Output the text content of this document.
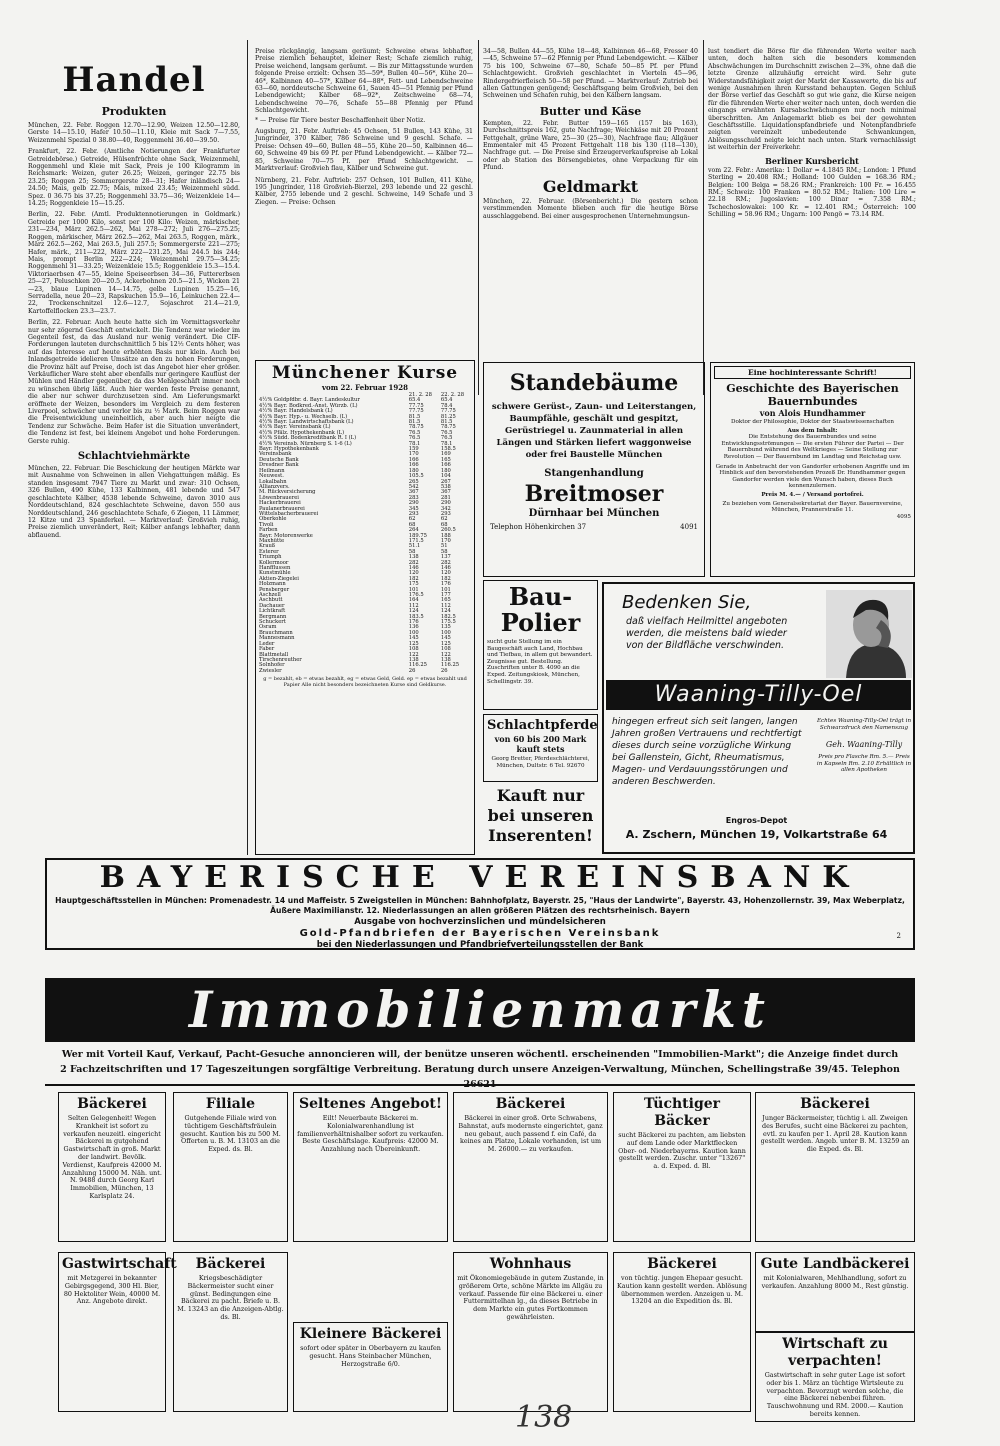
Handel
Produkten
München, 22. Febr. Roggen 12.70—12.90, Weizen 12.50—12.80, Gerste 14—15.10, Hafer 10.50—11.10, Kleie mit Sack 7—7.55, Weizenmehl Spezial 0 38.80—40, Roggenmehl 36.40—39.50.
Frankfurt, 22. Febr. (Amtliche Notierungen der Frankfurter Getreidebörse.) Getreide, Hülsenfrüchte ohne Sack, Weizenmehl, Roggenmehl und Kleie mit Sack, Preis je 100 Kilogramm in Reichsmark: Weizen, guter 26.25; Weizen, geringer 22.75 bis 23.25; Roggen 25; Sommergerste 28—31; Hafer inländisch 24—24.50; Mais, gelb 22.75; Mais, mixed 23.45; Weizenmehl südd. Spez. 0 36.75 bis 37.25; Roggenmehl 33.75—36; Weizenkleie 14—14.25; Roggenkleie 15—15.25.
Berlin, 22. Febr. (Amtl. Produktennotierungen in Goldmark.) Getreide per 1000 Kilo, sonst per 100 Kilo: Weizen, märkischer, 231—234, März 262.5—262, Mai 278—272; Juli 276—275.25; Roggen, märkischer, März 262.5—262, Mai 263.5, Roggen, märk., März 262.5—262, Mai 263.5, Juli 257.5; Sommergerste 221—275; Hafer, märk., 211—222, März 222—231.25, Mai 244.5 bis 244; Mais, prompt Berlin 222—224; Weizenmehl 29.75—34.25; Roggenmehl 31—33.25; Weizenkleie 15.5; Roggenkleie 15.3—15.4. Viktoriaerbsen 47—55, kleine Speiseerbsen 34—36, Futtererbsen 25—27, Peluschken 20—20.5, Ackerbohnen 20.5—21.5, Wicken 21—23, blaue Lupinen 14—14.75, gelbe Lupinen 15.25—16, Serradella, neue 20—23, Rapskuchen 15.9—16, Leinkuchen 22.4—22, Trockenschnitzel 12.6—12.7, Sojaschrot 21.4—21.9, Kartoffelflocken 23.3—23.7.
Berlin, 22. Februar. Auch heute hatte sich im Vormittagsverkehr nur sehr zögernd Geschäft entwickelt. Die Tendenz war wieder im Gegenteil fest, da das Ausland nur wenig verändert. Die CIF-Forderungen lauteten durchschnittlich 5 bis 12½ Cents höher, was auf das Interesse auf heute erhöhten Basis nur klein. Auch bei Inlandsgetreide idelieren Umsätze an den zu hohen Forderungen, die Provinz hält auf Preise, doch ist das Angebot hier eher größer. Verkäuflicher Ware steht aber ebenfalls nur geringere Kauflust der Mühlen und Händler gegenüber, da das Mehlgeschäft immer noch zu wünschen übrig läßt. Auch hier werden feste Preise genannt, die aber nur schwer durchzusetzen sind. Am Lieferungsmarkt eröffnete der Weizen, besonders im Vergleich zu dem festeren Liverpool, schwächer und verlor bis zu ½ Mark. Beim Roggen war die Preisentwicklung uneinheitlich, aber auch hier neigte die Tendenz zur Schwäche. Beim Hafer ist die Situation unverändert, die Tendenz ist fest, bei kleinem Angebot und hohe Forderungen. Gerste ruhig.
Schlachtviehmärkte
München, 22. Februar. Die Beschickung der heutigen Märkte war mit Ausnahme von Schweinen in allen Viehgattungen mäßig. Es standen insgesamt 7947 Tiere zu Markt und zwar: 310 Ochsen, 326 Bullen, 490 Kühe, 133 Kalbinnen, 481 lebende und 547 geschlachtete Kälber, 4538 lebende Schweine, davon 3010 aus Norddeutschland, 824 geschlachtete Schweine, davon 550 aus Norddeutschland, 246 geschlachtete Schafe, 6 Ziegen, 11 Lämmer, 12 Kitze und 23 Spanferkel. — Marktverlauf: Großvieh ruhig, Preise ziemlich unverändert, Reit; Kälber anfangs lebhafter, dann abflauend.
Preise rückgängig, langsam geräumt; Schweine etwas lebhafter, Preise ziemlich behauptet, kleiner Rest; Schafe ziemlich ruhig, Preise weichend, langsam geräumt. — Bis zur Mittagsstunde wurden folgende Preise erzielt: Ochsen 35—59*, Bullen 40—56*, Kühe 20—46*, Kalbinnen 40—57*, Kälber 64—88*, Fett- und Lebendschweine 63—60, norddeutsche Schweine 61, Sauen 45—51 Pfennig per Pfund Lebendgewicht; Kälber 68—92*, Zeitschweine 68—74, Lebendschweine 70—76, Schafe 55—88 Pfennig per Pfund Schlachtgewicht.
* — Preise für Tiere bester Beschaffenheit über Notiz.
Augsburg, 21. Febr. Auftrieb: 45 Ochsen, 51 Bullen, 143 Kühe, 31 Jungrinder, 370 Kälber, 786 Schweine und 9 geschl. Schafe. — Preise: Ochsen 49—60, Bullen 48—55, Kühe 20—50, Kalbinnen 46—60, Schweine 49 bis 69 Pf. per Pfund Lebendgewicht. — Kälber 72—85, Schweine 70—75 Pf. per Pfund Schlachtgewicht. — Marktverlauf: Großvieh flau, Kälber und Schweine gut.
Nürnberg, 21. Febr. Auftrieb: 257 Ochsen, 101 Bullen, 411 Kühe, 195 Jungrinder, 118 Großvieh-Bierzel, 293 lebende und 22 geschl. Kälber, 2755 lebende und 2 geschl. Schweine, 149 Schafe und 3 Ziegen. — Preise: Ochsen
34—58, Bullen 44—55, Kühe 18—48, Kalbinnen 46—68, Fresser 40—45, Schweine 57—62 Pfennig per Pfund Lebendgewicht. — Kälber 75 bis 100, Schweine 67—80, Schafe 50—85 Pf. per Pfund Schlachtgewicht. Großvieh geschlachtet in Vierteln 45—96, Rindergefrierfleisch 50—58 per Pfund. — Marktverlauf: Zutrieb bei allen Gattungen genügend; Geschäftsgang beim Großvieh, bei den Schweinen und Schafen ruhig, bei den Kälbern langsam.
Butter und Käse
Kempten, 22. Febr. Butter 159—165 (157 bis 163), Durchschnittspreis 162, gute Nachfrage; Weichkäse mit 20 Prozent Fettgehalt, grüne Ware, 25—30 (25—30), Nachfrage flau; Allgäuer Emmentaler mit 45 Prozent Fettgehalt 118 bis 130 (118—130), Nachfrage gut. — Die Preise sind Erzeugerverkaufspreise ab Lokal oder ab Station des Börsengebietes, ohne Verpackung für ein Pfund.
Geldmarkt
München, 22. Februar. (Börsenbericht.) Die gestern schon verstimmenden Momente blieben auch für die heutige Börse ausschlaggebend. Bei einer ausgesprochenen Unternehmungsun-
lust tendiert die Börse für die führenden Werte weiter nach unten, doch halten sich die besonders kommenden Abschwächungen im Durchschnitt zwischen 2—3%, ohne daß die letzte Grenze allzuhäufig erreicht wird. Sehr gute Widerstandsfähigkeit zeigt der Markt der Kassawerte, die bis auf wenige Ausnahmen ihren Kursstand behaupten. Gegen Schluß der Börse verlief das Geschäft so gut wie ganz, die Kurse neigen für die führenden Werte eher weiter nach unten, doch werden die eingangs erwähnten Kursabschwächungen nur noch minimal überschritten. Am Anlagemarkt blieb es bei der gewohnten Geschäftsstille. Liquidationspfandbriefe und Notenpfandbriefe zeigten vereinzelt unbedeutende Schwankungen, Ablösungsschuld neigte leicht nach unten. Stark vernachlässigt ist weiterhin der Freiverkehr.
Berliner Kursbericht
vom 22. Febr.: Amerika: 1 Dollar = 4.1845 RM.; London: 1 Pfund Sterling = 20.408 RM.; Holland: 100 Gulden = 168.36 RM.; Belgien: 100 Belga = 58.26 RM.; Frankreich: 100 Fr. = 16.455 RM.; Schweiz: 100 Franken = 80.52 RM.; Italien: 100 Lire = 22.18 RM.; Jugoslavien: 100 Dinar = 7.358 RM.; Tschechoslowakei: 100 Kr. = 12.401 RM.; Österreich: 100 Schilling = 58.96 RM.; Ungarn: 100 Pengö = 73.14 RM.
Münchener Kurse
vom 22. Februar 1928
	21. 2. 28	22. 2. 28
4½% Goldpfdbr. d. Bayr. Landeskultur	65.4	65.4
4½% Bayr. Bodkred.-Anst. Würzb. (L)	77.75	78.4
4½% Bayr. Handelsbank (L)	77.75	77.75
4½% Bayr. Hyp.- u. Wechselb. (L)	81.5	81.25
4½% Bayr. Landwirtschaftsbank (L)	81.5	81.5
4½% Bayr. Vereinsbank (L)	78.75	78.75
4½% Pfälz. Hypothekenbank (L)	76.5	76.5
4½% Südd. Bodenkreditbank R. I (L)	76.5	76.5
4½% Vereinsb. Nürnberg S. 1-6 (L)	78.1	78.1
Bayr. Hypothekenbank	159	158.5
Vereinsbank	170	169
Deutsche Bank	166	165
Dresdner Bank	166	166
Heilmann	180	180
Neuwest.	105.5	104
Lokalbahn	265	267
Allianzvers.	542	538
M. Rückversicherung	367	367
Löwenbrauerei	283	281
Hackerbrauerei	290	290
Paulanerbrauerei	345	342
Wittelsbacherbrauerei	293	293
Oberkohle	62	62
Tivoli	68	68
Farben	264	260.5
Bayr. Motorenwerke	189.75	188
Maxhütte	171.5	170
Krauß	51.1	51
Esterer	58	58
Triumph	138	137
Kollermoor	282	282
Hanfflussen	146	146
Kunstmühle	120	120
Aktien-Ziegelei	182	182
Holzmann	175	176
Pensberger	101	101
Aschzell	176.5	177
Aschbutt	164	165
Dachauer	112	112
Lichtkraft	124	124
Bergmann	183.5	182.5
Schuckert	176	175.5
Osram	136	135
Brauchmann	100	100
Mannesmann	145	145
Leder	125	125
Faber	108	108
Blattmetall	122	122
Tirschenreuther	138	138
Solnhofer	116.25	116.25
Zwiesler	26	26
g = bezahlt, eb = etwas bezahlt, eg = etwas Geld, Geld. ep = etwas bezahlt und Papier Alle nicht besonders bezeichneten Kurse sind Geldkurse.
Standebäume
schwere Gerüst-, Zaun- und Leiterstangen, Baumpfähle, geschält und gespitzt, Gerüstriegel u. Zaunmaterial in allen Längen und Stärken liefert waggonweise oder frei Baustelle München
Stangenhandlung
Breitmoser
Dürnhaar bei München
Telephon Höhenkirchen 37	4091
Eine hochinteressante Schrift!
Geschichte des Bayerischen Bauernbundes
von Alois Hundhammer
Doktor der Philosophie, Doktor der Staatswissenschaften
Aus dem Inhalt:
Die Entstehung des Bauernbundes und seine Entwicklungsströmungen — Die ersten Führer der Partei — Der Bauernbund während des Weltkrieges — Seine Stellung zur Revolution — Der Bauernbund im Landtag und Reichstag usw.
Gerade in Anbetracht der von Gandorfer erhobenen Angriffe und im Hinblick auf den bevorstehenden Prozeß Dr. Hundhammer gegen Gandorfer werden viele den Wunsch haben, dieses Buch kennenzulernen.
Preis M. 4.— / Versand portofrei.
Zu beziehen vom Generalsekretariat der Bayer. Bauernvereine, München, Prannerstraße 11.
4095
Bau-Polier
sucht gute Stellung im ein Baugeschäft auch Land, Hochbau und Tiefbau, in allem gut bewandert. Zeugnisse gut. Bestellung. Zuschriften unter B. 4090 an die Exped. Zeitungskiosk, München, Schellingstr. 39.
Schlachtpferde
von 60 bis 200 Mark kauft stets
Georg Bretter, Pferdeschlächterei, München, Dultstr. 6 Tel. 92670
Kauft nur bei unseren Inserenten!
Bedenken Sie,
daß vielfach Heilmittel angeboten werden, die meistens bald wieder von der Bildfläche verschwinden.
Waaning-Tilly-Oel
hingegen erfreut sich seit langen, langen Jahren großen Vertrauens und rechtfertigt dieses durch seine vorzügliche Wirkung bei Gallenstein, Gicht, Rheumatismus, Magen- und Verdauungsstörungen und anderen Beschwerden.
Echtes Waaning-Tilly-Oel trägt in Schwarzdruck den Namenszug
Geh. Waaning-Tilly
Preis pro Flasche Rm. 5.— Preis in Kapseln Rm. 2.10 Erhältlich in allen Apotheken
Engros-Depot
A. Zschern, München 19, Volkartstraße 64
BAYERISCHE VEREINSBANK
Hauptgeschäftsstellen in München: Promenadestr. 14 und Maffeistr. 5 Zweigstellen in München: Bahnhofplatz, Bayerstr. 25, "Haus der Landwirte", Bayerstr. 43, Hohenzollernstr. 39, Max Weberplatz, Äußere Maximilianstr. 12. Niederlassungen an allen größeren Plätzen des rechtsrheinisch. Bayern
Ausgabe von hochverzinslichen und mündelsicheren
Gold-Pfandbriefen der Bayerischen Vereinsbank
bei den Niederlassungen und Pfandbriefverteilungsstellen der Bank
2
Immobilienmarkt
Wer mit Vorteil Kauf, Verkauf, Pacht-Gesuche annoncieren will, der benütze unseren wöchentl. erscheinenden "Immobilien-Markt"; die Anzeige findet durch 2 Fachzeitschriften und 17 Tageszeitungen sorgfältige Verbreitung. Beratung durch unsere Anzeigen-Verwaltung, München, Schellingstraße 39/45. Telephon
Bäckerei
Selten Gelegenheit! Wegen Krankheit ist sofort zu verkaufen neuzeitl. eingericht Bäckerei m gutgehend Gastwirtschaft in groß. Markt der landwirt. Bevölk. Verdienst, Kaufpreis 42000 M. Anzahlung 15000 M. Näh. unt. N. 9488 durch Georg Karl Immobilien, München, 13 Karlsplatz 24.
Filiale
Gutgehende Filiale wird von tüchtigem Geschäftsfräulein gesucht. Kaution bis zu 500 M. Offerten u. B. M. 13103 an die Exped. ds. Bl.
Seltenes Angebot!
Eilt! Neuerbaute Bäckerei m. Kolonialwarenhandlung ist familienverhältnishalber sofort zu verkaufen. Beste Geschäftslage. Kaufpreis: 42000 M. Anzahlung nach Übereinkunft.
Bäckerei
Bäckerei in einer groß. Orte Schwabens, Bahnstat, aufs modernste eingerichtet, ganz neu gebaut, auch passend f. ein Café, da keines am Platze, Lokale vorhanden, ist um M. 26000.— zu verkaufen.
Tüchtiger Bäcker
sucht Bäckerei zu pachten, am liebsten auf dem Lande oder Marktflecken Ober- od. Niederbayerns. Kaution kann gestellt werden. Zuschr. unter "13267" a. d. Exped. d. Bl.
Bäckerei
Junger Bäckermeister, tüchtig i. all. Zweigen des Berufes, sucht eine Bäckerei zu pachten, evtl. zu kaufen per 1. April 28. Kaution kann gestellt werden. Angeb. unter B. M. 13259 an die Exped. ds. Bl.
Gastwirtschaft
mit Metzgerei in bekannter Gebirgsgegend, 300 Hl. Bier, 80 Hektoliter Wein, 40000 M. Anz. Angebote direkt.
Bäckerei
Kriegsbeschädigter Bäckermeister sucht einer günst. Bedingungen eine Bäckerei zu pacht. Briefe u. B. M. 13243 an die Anzeigen-Abtlg. ds. Bl.
Kleinere Bäckerei
sofort oder später in Oberbayern zu kaufen gesucht. Hans Steinbacher München, Herzogstraße 6/0.
Wohnhaus
mit Ökonomiegebäude in gutem Zustande, in größerem Orte, schöne Märkte im Allgäu zu verkauf. Passende für eine Bäckerei u. einer Futtermittelhan lg., da dieses Betriebe in dem Markte ein gutes Fortkommen gewährleisten.
Bäckerei
von tüchtig. jungen Ehepaar gesucht. Kaution kann gestellt werden. Ablösung übernommen werden. Anzeigen u. M. 13204 an die Expedition ds. Bl.
Gute Landbäckerei
mit Kolonialwaren, Mehlhandlung, sofort zu verkaufen. Anzahlung 8000 M., Rest günstig.
Wirtschaft zu verpachten!
Gastwirtschaft in sehr guter Lage ist sofort oder bis 1. März an tüchtige Wirtsleute zu verpachten. Bevorzugt werden solche, die eine Bäckerei nebenbei führen. Tauschwohnung und RM. 2000.— Kaution bereits kennen.
138
